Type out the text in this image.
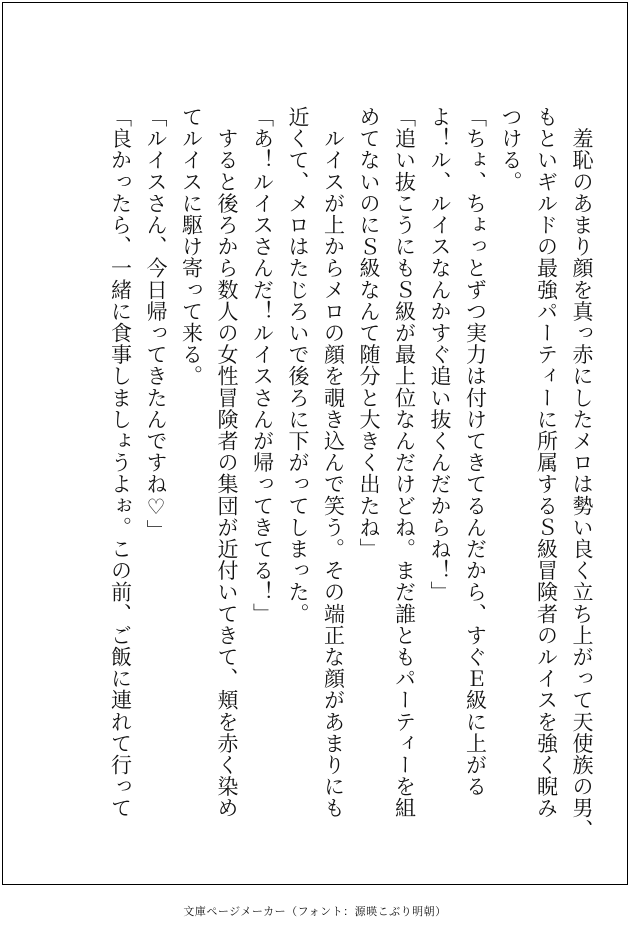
　羞恥のあまり顔を真っ赤にしたメロは勢い良く立ち上がって天使族の男、

もといギルドの最強パーティーに所属するＳ級冒険者のルイスを強く睨み

つける。

「ちょ、ちょっとずつ実力は付けてきてるんだから、すぐＥ級に上がる

よ！ル、ルイスなんかすぐ追い抜くんだからね！」

「追い抜こうにもＳ級が最上位なんだけどね。まだ誰ともパーティーを組

めてないのにＳ級なんて随分と大きく出たね」

　ルイスが上からメロの顔を覗き込んで笑う。その端正な顔があまりにも

近くて、メロはたじろいで後ろに下がってしまった。

「あ！ルイスさんだ！ルイスさんが帰ってきてる！」

　すると後ろから数人の女性冒険者の集団が近付いてきて、頬を赤く染め

てルイスに駆け寄って来る。

「ルイスさん、今日帰ってきたんですね♡」

「良かったら、一緒に食事しましょうよぉ。この前、ご飯に連れて行って

文庫ページメーカー（フォント：源暎こぶり明朝）
